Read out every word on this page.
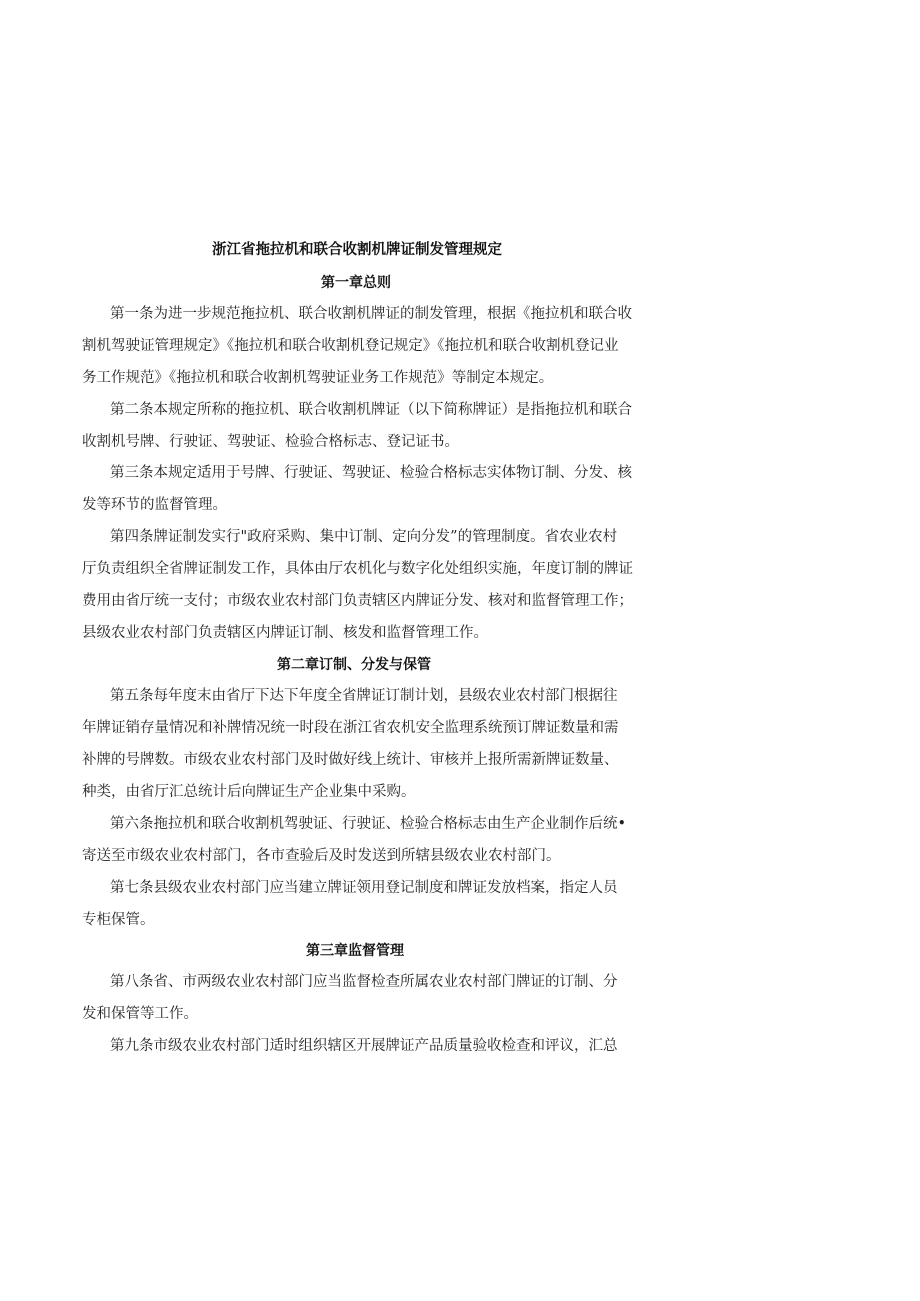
浙江省拖拉机和联合收割机牌证制发管理规定
第一章总则
第一条为进一步规范拖拉机、联合收割机牌证的制发管理，根据《拖拉机和联合收
割机驾驶证管理规定》《拖拉机和联合收割机登记规定》《拖拉机和联合收割机登记业
务工作规范》《拖拉机和联合收割机驾驶证业务工作规范》等制定本规定。
第二条本规定所称的拖拉机、联合收割机牌证（以下简称牌证）是指拖拉机和联合
收割机号牌、行驶证、驾驶证、检验合格标志、登记证书。
第三条本规定适用于号牌、行驶证、驾驶证、检验合格标志实体物订制、分发、核
发等环节的监督管理。
第四条牌证制发实行"政府采购、集中订制、定向分发”的管理制度。省农业农村
厅负责组织全省牌证制发工作，具体由厅农机化与数字化处组织实施，年度订制的牌证
费用由省厅统一支付；市级农业农村部门负责辖区内牌证分发、核对和监督管理工作；
县级农业农村部门负责辖区内牌证订制、核发和监督管理工作。
第二章订制、分发与保管
第五条每年度末由省厅下达下年度全省牌证订制计划，县级农业农村部门根据往
年牌证销存量情况和补牌情况统一时段在浙江省农机安全监理系统预订牌证数量和需
补牌的号牌数。市级农业农村部门及时做好线上统计、审核并上报所需新牌证数量、
种类，由省厅汇总统计后向牌证生产企业集中采购。
第六条拖拉机和联合收割机驾驶证、行驶证、检验合格标志由生产企业制作后统•
寄送至市级农业农村部门，各市查验后及时发送到所辖县级农业农村部门。
第七条县级农业农村部门应当建立牌证领用登记制度和牌证发放档案，指定人员
专柜保管。
第三章监督管理
第八条省、市两级农业农村部门应当监督检查所属农业农村部门牌证的订制、分
发和保管等工作。
第九条市级农业农村部门适时组织辖区开展牌证产品质量验收检查和评议，汇总
